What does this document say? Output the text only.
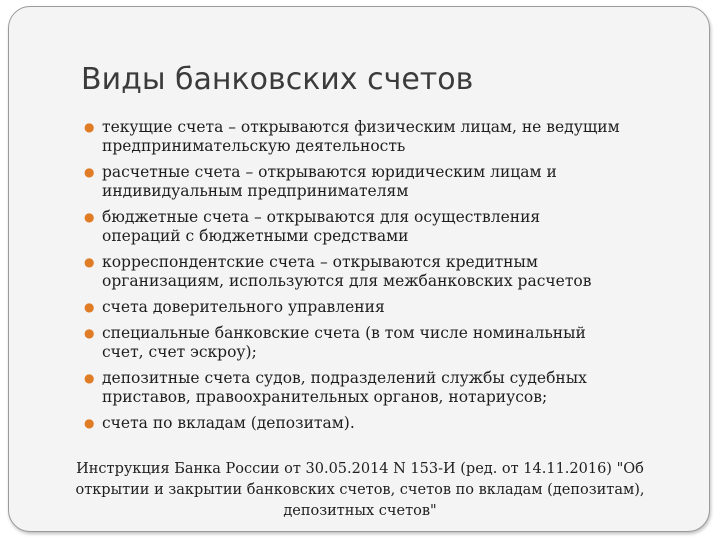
Виды банковских счетов
● текущие счета – открываются физическим лицам, не ведущим
предпринимательскую деятельность
● расчетные счета – открываются юридическим лицам и
индивидуальным предпринимателям
● бюджетные счета – открываются для осуществления
операций с бюджетными средствами
● корреспондентские счета – открываются кредитным
организациям, используются для межбанковских расчетов
● счета доверительного управления
● специальные банковские счета (в том числе номинальный
счет, счет эскроу);
● депозитные счета судов, подразделений службы судебных
приставов, правоохранительных органов, нотариусов;
● счета по вкладам (депозитам).

Инструкция Банка России от 30.05.2014 N 153-И (ред. от 14.11.2016) "Об
открытии и закрытии банковских счетов, счетов по вкладам (депозитам),
депозитных счетов"
